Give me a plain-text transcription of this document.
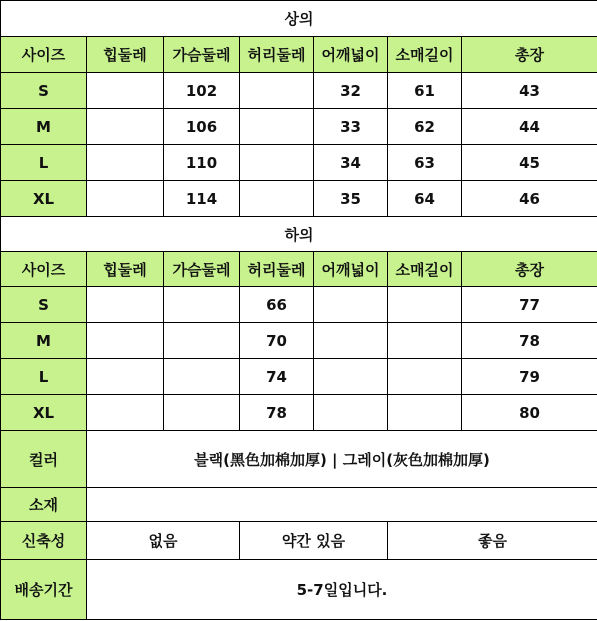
상의						
사이즈	힙둘레	가슴둘레	허리둘레	어깨넓이	소매길이	총장
S		102		32	61	43
M		106		33	62	44
L		110		34	63	45
XL		114		35	64	46
하의						
사이즈	힙둘레	가슴둘레	허리둘레	어깨넓이	소매길이	총장
S			66			77
M			70			78
L			74			79
XL			78			80
컬러	블랙(黑色加棉加厚) | 그레이(灰色加棉加厚)					
소재						
신축성	없음		약간 있음		좋음	
배송기간	5-7일입니다.					
